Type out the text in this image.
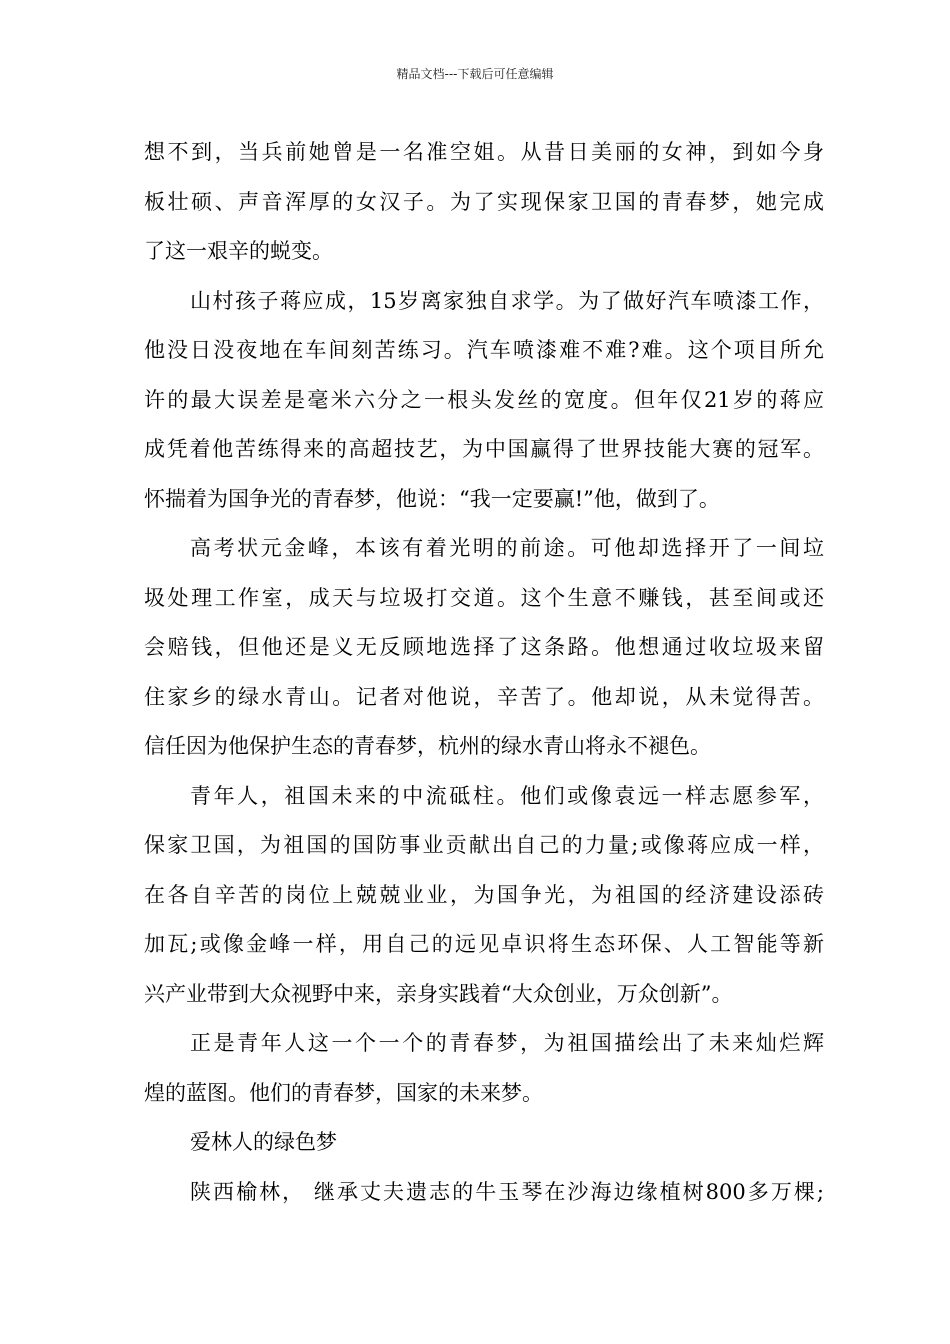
精品文档---下载后可任意编辑
想不到，当兵前她曾是一名准空姐。从昔日美丽的女神，到如今身
板壮硕、声音浑厚的女汉子。为了实现保家卫国的青春梦，她完成
了这一艰辛的蜕变。
山村孩子蒋应成，15岁离家独自求学。为了做好汽车喷漆工作，
他没日没夜地在车间刻苦练习。汽车喷漆难不难?难。这个项目所允
许的最大误差是毫米六分之一根头发丝的宽度。但年仅21岁的蒋应
成凭着他苦练得来的高超技艺，为中国赢得了世界技能大赛的冠军。
怀揣着为国争光的青春梦，他说：“我一定要赢!”他，做到了。
高考状元金峰，本该有着光明的前途。可他却选择开了一间垃
圾处理工作室，成天与垃圾打交道。这个生意不赚钱，甚至间或还
会赔钱，但他还是义无反顾地选择了这条路。他想通过收垃圾来留
住家乡的绿水青山。记者对他说，辛苦了。他却说，从未觉得苦。
信任因为他保护生态的青春梦，杭州的绿水青山将永不褪色。
青年人，祖国未来的中流砥柱。他们或像袁远一样志愿参军，
保家卫国，为祖国的国防事业贡献出自己的力量;或像蒋应成一样，
在各自辛苦的岗位上兢兢业业，为国争光，为祖国的经济建设添砖
加瓦;或像金峰一样，用自己的远见卓识将生态环保、人工智能等新
兴产业带到大众视野中来，亲身实践着“大众创业，万众创新”。
正是青年人这一个一个的青春梦，为祖国描绘出了未来灿烂辉
煌的蓝图。他们的青春梦，国家的未来梦。
爱林人的绿色梦
陕西榆林， 继承丈夫遗志的牛玉琴在沙海边缘植树800多万棵;
